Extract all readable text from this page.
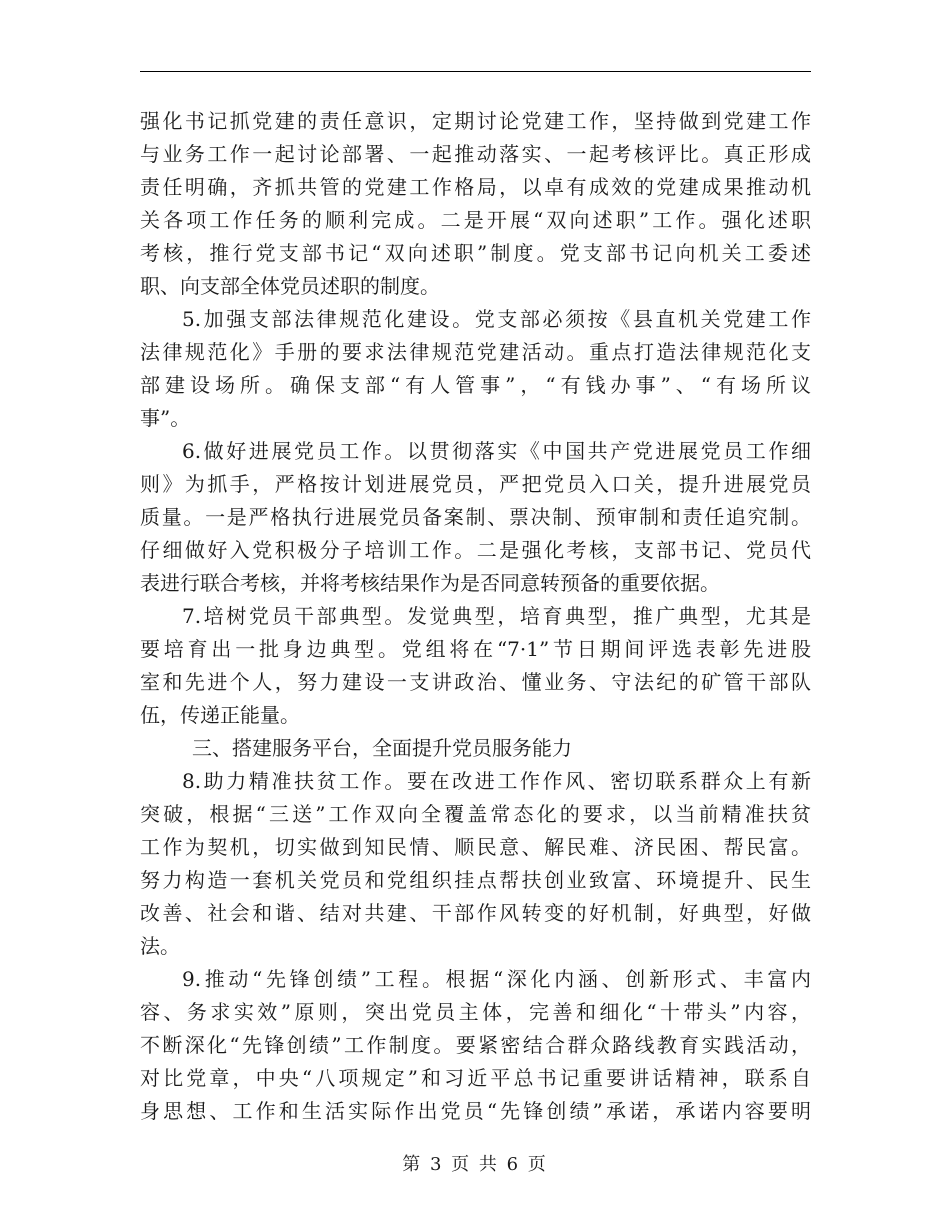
强化书记抓党建的责任意识，定期讨论党建工作，坚持做到党建工作
与业务工作一起讨论部署、一起推动落实、一起考核评比。真正形成
责任明确，齐抓共管的党建工作格局，以卓有成效的党建成果推动机
关各项工作任务的顺利完成。二是开展“双向述职”工作。强化述职
考核，推行党支部书记“双向述职”制度。党支部书记向机关工委述
职、向支部全体党员述职的制度。
5.加强支部法律规范化建设。党支部必须按《县直机关党建工作
法律规范化》手册的要求法律规范党建活动。重点打造法律规范化支
部建设场所。确保支部“有人管事”，“有钱办事”、“有场所议
事”。
6.做好进展党员工作。以贯彻落实《中国共产党进展党员工作细
则》为抓手，严格按计划进展党员，严把党员入口关，提升进展党员
质量。一是严格执行进展党员备案制、票决制、预审制和责任追究制。
仔细做好入党积极分子培训工作。二是强化考核，支部书记、党员代
表进行联合考核，并将考核结果作为是否同意转预备的重要依据。
7.培树党员干部典型。发觉典型，培育典型，推广典型，尤其是
要培育出一批身边典型。党组将在“7·1”节日期间评选表彰先进股
室和先进个人，努力建设一支讲政治、懂业务、守法纪的矿管干部队
伍，传递正能量。
三、搭建服务平台，全面提升党员服务能力
8.助力精准扶贫工作。要在改进工作作风、密切联系群众上有新
突破，根据“三送”工作双向全覆盖常态化的要求，以当前精准扶贫
工作为契机，切实做到知民情、顺民意、解民难、济民困、帮民富。
努力构造一套机关党员和党组织挂点帮扶创业致富、环境提升、民生
改善、社会和谐、结对共建、干部作风转变的好机制，好典型，好做
法。
9.推动“先锋创绩”工程。根据“深化内涵、创新形式、丰富内
容、务求实效”原则，突出党员主体，完善和细化“十带头”内容，
不断深化“先锋创绩”工作制度。要紧密结合群众路线教育实践活动，
对比党章，中央“八项规定”和习近平总书记重要讲话精神，联系自
身思想、工作和生活实际作出党员“先锋创绩”承诺，承诺内容要明
第 3 页 共 6 页
